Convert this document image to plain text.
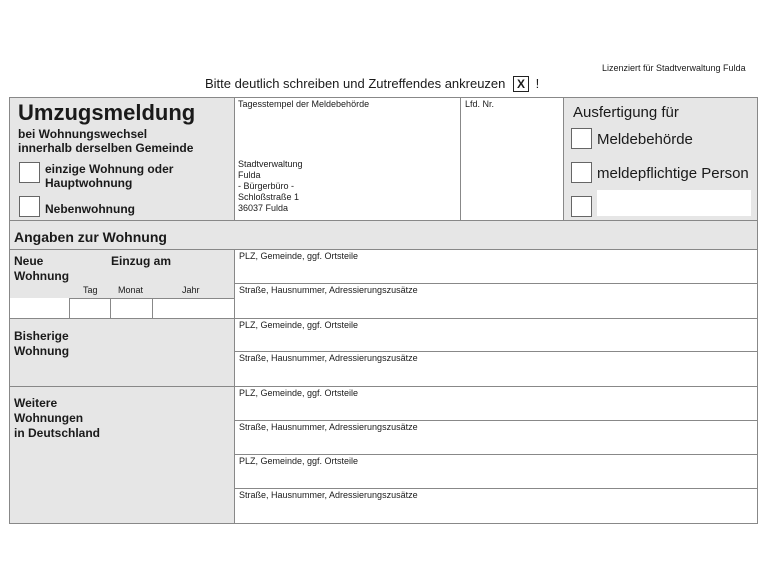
Lizenziert für Stadtverwaltung Fulda
Bitte deutlich schreiben und Zutreffendes ankreuzen X !
Umzugsmeldung
bei Wohnungswechsel
innerhalb derselben Gemeinde
einzige Wohnung oder
Hauptwohnung
Nebenwohnung
Tagesstempel der Meldebehörde
Stadtverwaltung
Fulda
- Bürgerbüro -
Schloßstraße 1
36037 Fulda
Lfd. Nr.	Ausfertigung für
Meldebehörde
meldepflichtige Person
Angaben zur Wohnung
Neue
Wohnung
Einzug am
Tag Monat	Jahr
Bisherige
Wohnung
Weitere
Wohnungen
in Deutschland
PLZ, Gemeinde, ggf. Ortsteile
Straße, Hausnummer, Adressierungszusätze
PLZ, Gemeinde, ggf. Ortsteile
Straße, Hausnummer, Adressierungszusätze
PLZ, Gemeinde, ggf. Ortsteile
Straße, Hausnummer, Adressierungszusätze
PLZ, Gemeinde, ggf. Ortsteile
Straße, Hausnummer, Adressierungszusätze
